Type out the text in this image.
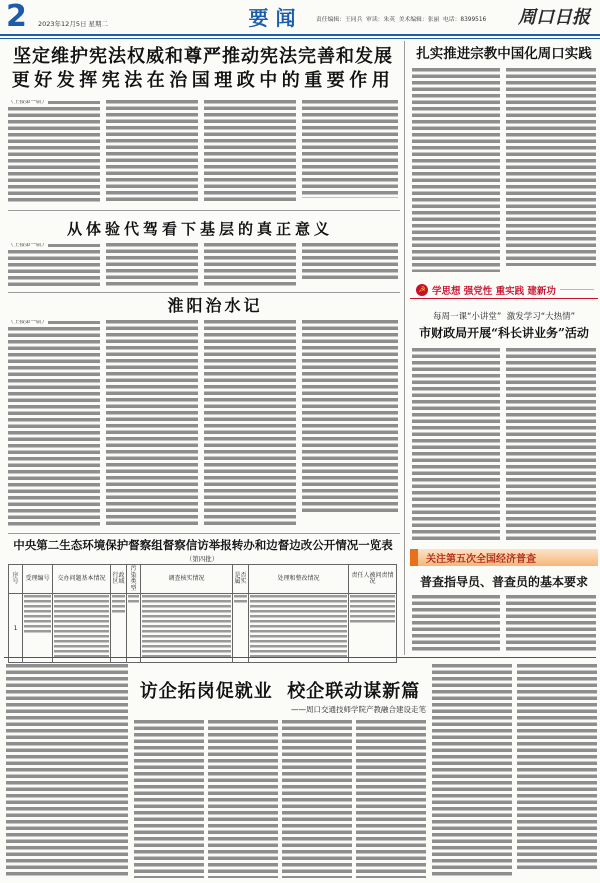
2	2023年12月5日 星期二	要 闻	责任编辑：王同兵  审读：朱英  美术编辑：张丽  电话：8399516	周口日报
坚定维护宪法权威和尊严推动宪法完善和发展
更好发挥宪法在治国理政中的重要作用
（上接第一版）
从体验代驾看下基层的真正意义
（上接第一版）
淮阳治水记
（上接第一版）
中央第二生态环境保护督察组督察信访举报转办和边督边改公开情况一览表
（第四批）
序号	受理编号	交办问题基本情况	行政区域	污染类型	调查核实情况	是否属实	处理和整改情况	责任人被问责情况
1	

扎实推进宗教中国化周口实践
☭ 学思想 强党性 重实践 建新功
每周一课“小讲堂”  激发学习“大热情”
市财政局开展“科长讲业务”活动
关注第五次全国经济普查
普查指导员、普查员的基本要求
访企拓岗促就业  校企联动谋新篇
——周口交通技师学院产教融合建设走笔
